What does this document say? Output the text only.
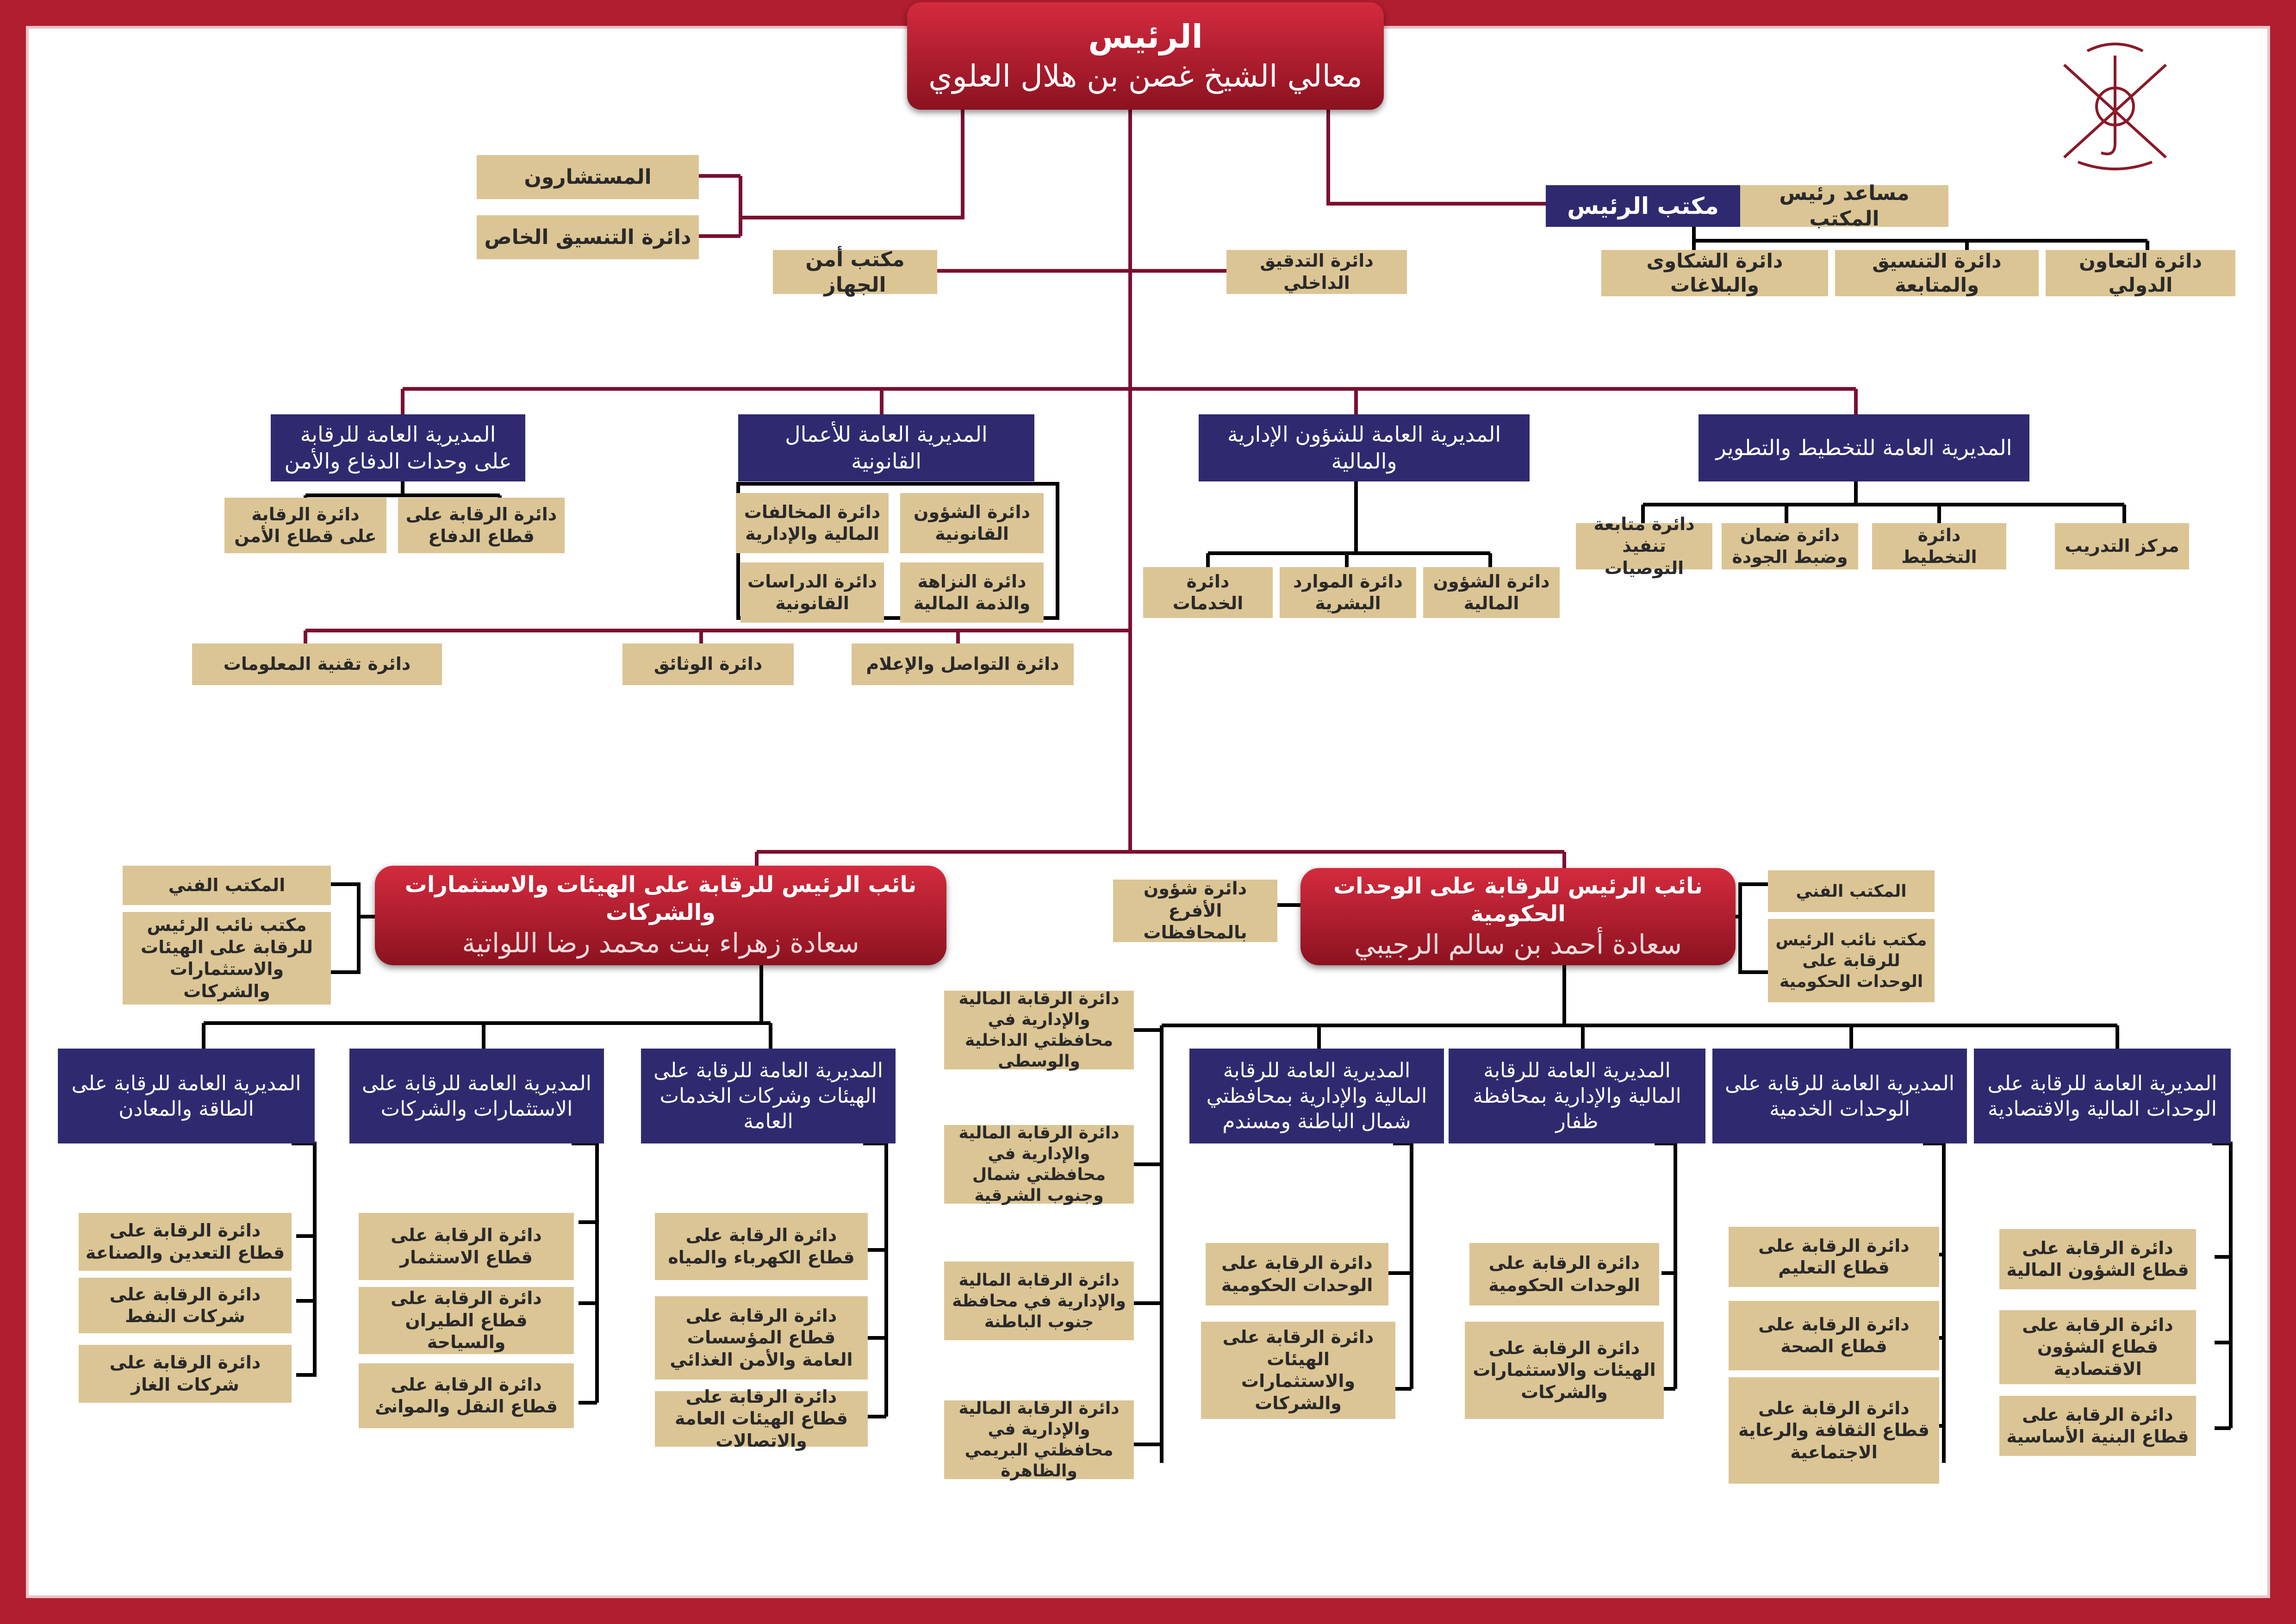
الرئيس
معالي الشيخ غصن بن هلال العلوي
المستشارون
دائرة التنسيق الخاص
مكتب أمن الجهاز
دائرة التدقيق الداخلي
مكتب الرئيس	مساعد رئيس المكتب
دائرة الشكاوى والبلاغات
دائرة التنسيق والمتابعة
دائرة التعاون الدولي
المديرية العامة للتخطيط والتطوير
المديرية العامة للشؤون الإدارية والمالية
المديرية العامة للأعمال القانونية
المديرية العامة للرقابة على وحدات الدفاع والأمن
مركز التدريب
دائرة التخطيط
دائرة ضمان وضبط الجودة
دائرة متابعة تنفيذ التوصيات
دائرة الشؤون المالية
دائرة الموارد البشرية
دائرة الخدمات
دائرة الشؤون القانونية
دائرة المخالفات المالية والإدارية
دائرة النزاهة والذمة المالية
دائرة الدراسات القانونية
دائرة الرقابة على قطاع الدفاع
دائرة الرقابة على قطاع الأمن
دائرة التواصل والإعلام
دائرة الوثائق
دائرة تقنية المعلومات
نائب الرئيس للرقابة على الوحدات الحكومية
سعادة أحمد بن سالم الرجيبي
المكتب الفني
مكتب نائب الرئيس للرقابة على الوحدات الحكومية
دائرة شؤون الأفرع بالمحافظات
نائب الرئيس للرقابة على الهيئات والاستثمارات والشركات
سعادة زهراء بنت محمد رضا اللواتية
المكتب الفني
مكتب نائب الرئيس للرقابة على الهيئات والاستثمارات والشركات	دائرة الرقابة المالية والإدارية في محافظتي الداخلية والوسطى
دائرة الرقابة المالية والإدارية في محافظتي شمال وجنوب الشرقية
دائرة الرقابة المالية والإدارية في محافظة جنوب الباطنة
دائرة الرقابة المالية والإدارية في محافظتي البريمي والظاهرة
المديرية العامة للرقابة على الوحدات المالية والاقتصادية
المديرية العامة للرقابة على الوحدات الخدمية
المديرية العامة للرقابة المالية والإدارية بمحافظة ظفار
المديرية العامة للرقابة المالية والإدارية بمحافظتي شمال الباطنة ومسندم
المديرية العامة للرقابة على الهيئات وشركات الخدمات العامة
المديرية العامة للرقابة على الاستثمارات والشركات
المديرية العامة للرقابة على الطاقة والمعادن
دائرة الرقابة على قطاع الشؤون المالية
دائرة الرقابة على قطاع الشؤون الاقتصادية
دائرة الرقابة على قطاع البنية الأساسية
دائرة الرقابة على قطاع التعليم
دائرة الرقابة على قطاع الصحة
دائرة الرقابة على قطاع الثقافة والرعاية الاجتماعية
دائرة الرقابة على الوحدات الحكومية
دائرة الرقابة على الهيئات والاستثمارات والشركات
دائرة الرقابة على الوحدات الحكومية
دائرة الرقابة على الهيئات والاستثمارات والشركات
دائرة الرقابة على قطاع الكهرباء والمياه
دائرة الرقابة على قطاع المؤسسات العامة والأمن الغذائي
دائرة الرقابة على قطاع الهيئات العامة والاتصالات
دائرة الرقابة على قطاع الاستثمار
دائرة الرقابة على قطاع الطيران والسياحة
دائرة الرقابة على قطاع النقل والموانئ
دائرة الرقابة على قطاع التعدين والصناعة
دائرة الرقابة على شركات النفط
دائرة الرقابة على شركات الغاز
